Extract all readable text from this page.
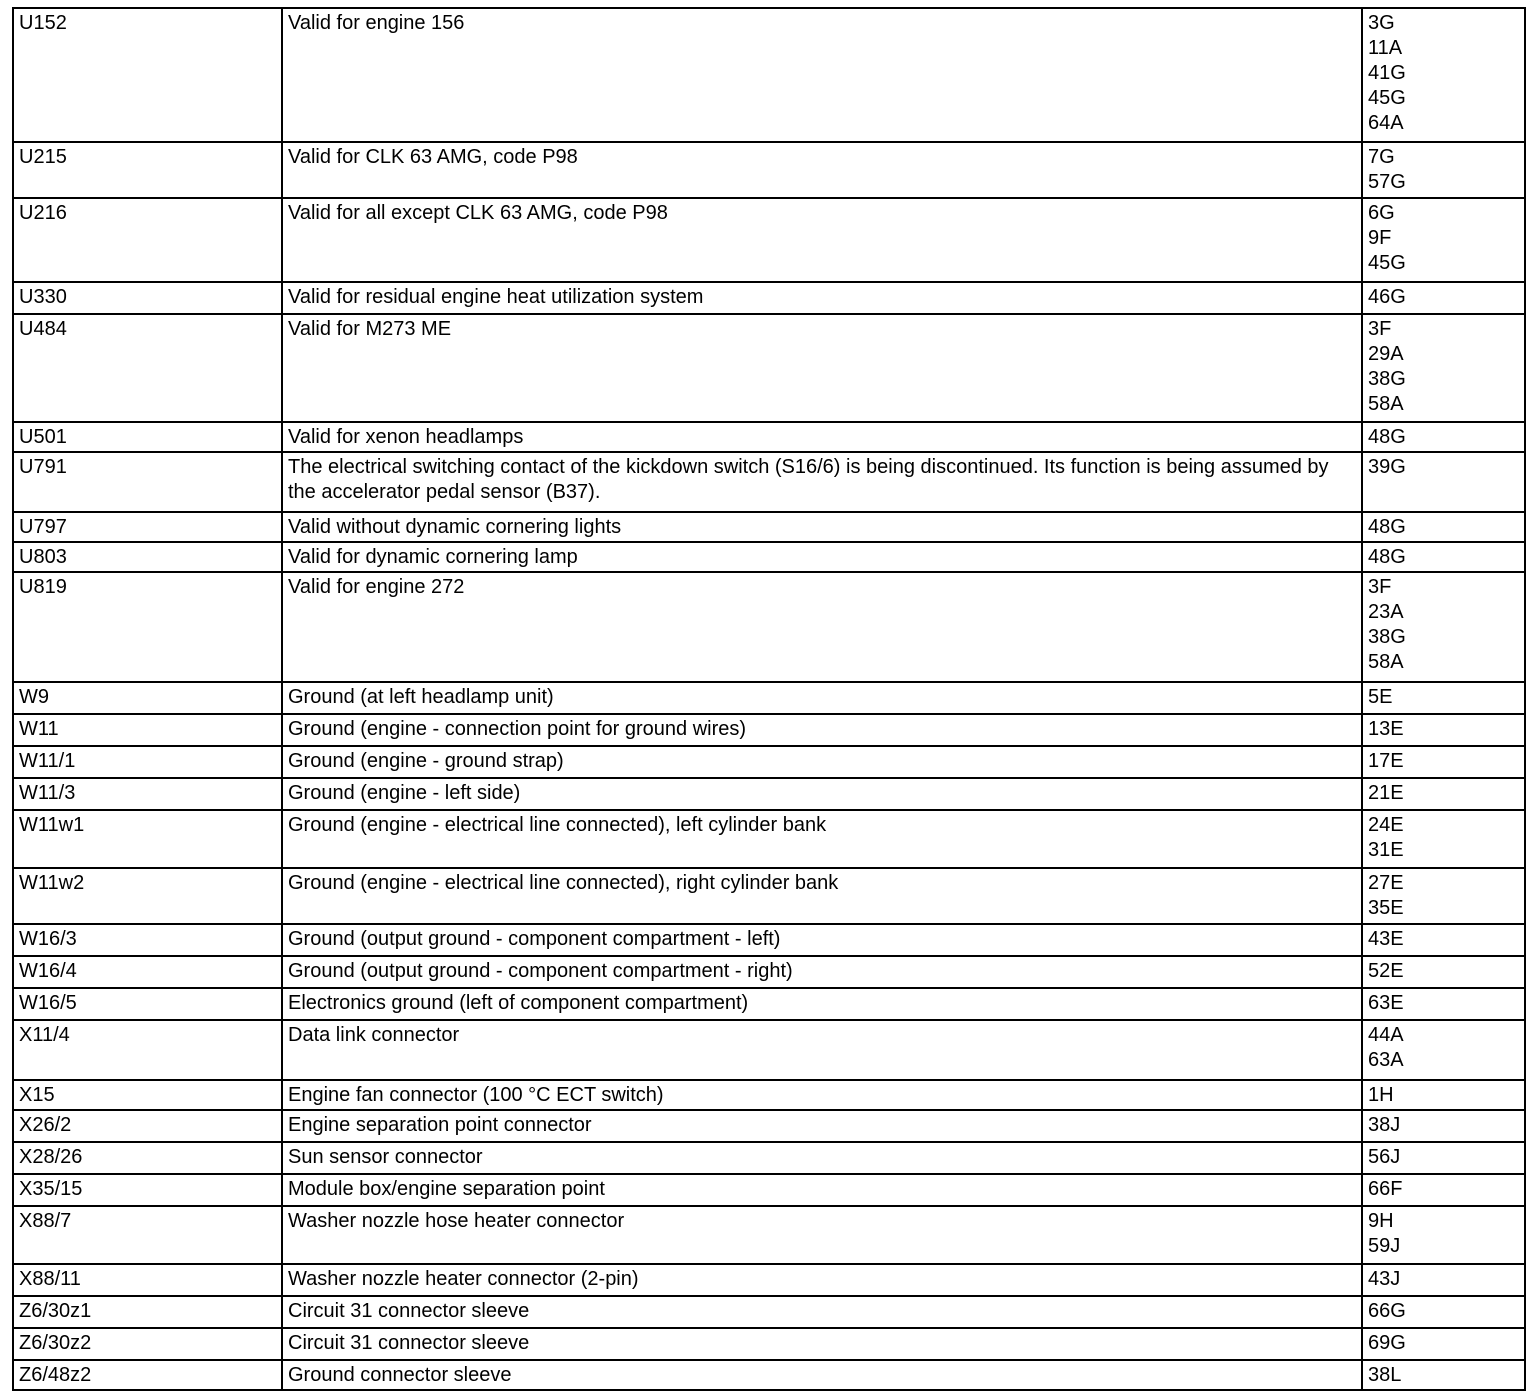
U152	Valid for engine 156	3G
11A
41G
45G
64A

U215	Valid for CLK 63 AMG, code P98	7G
57G

U216	Valid for all except CLK 63 AMG, code P98	6G
9F
45G

U330	Valid for residual engine heat utilization system	46G

U484	Valid for M273 ME	3F
29A
38G
58A

U501	Valid for xenon headlamps	48G

U791	The electrical switching contact of the kickdown switch (S16/6) is being discontinued. Its function is being assumed by the accelerator pedal sensor (B37).	39G

U797	Valid without dynamic cornering lights	48G

U803	Valid for dynamic cornering lamp	48G

U819	Valid for engine 272	3F
23A
38G
58A

W9	Ground (at left headlamp unit)	5E

W11	Ground (engine - connection point for ground wires)	13E

W11/1	Ground (engine - ground strap)	17E

W11/3	Ground (engine - left side)	21E

W11w1	Ground (engine - electrical line connected), left cylinder bank	24E
31E

W11w2	Ground (engine - electrical line connected), right cylinder bank	27E
35E

W16/3	Ground (output ground - component compartment - left)	43E

W16/4	Ground (output ground - component compartment - right)	52E

W16/5	Electronics ground (left of component compartment)	63E

X11/4	Data link connector	44A
63A

X15	Engine fan connector (100 °C ECT switch)	1H

X26/2	Engine separation point connector	38J

X28/26	Sun sensor connector	56J

X35/15	Module box/engine separation point	66F

X88/7	Washer nozzle hose heater connector	9H
59J

X88/11	Washer nozzle heater connector (2-pin)	43J

Z6/30z1	Circuit 31 connector sleeve	66G

Z6/30z2	Circuit 31 connector sleeve	69G

Z6/48z2	Ground connector sleeve	38L
